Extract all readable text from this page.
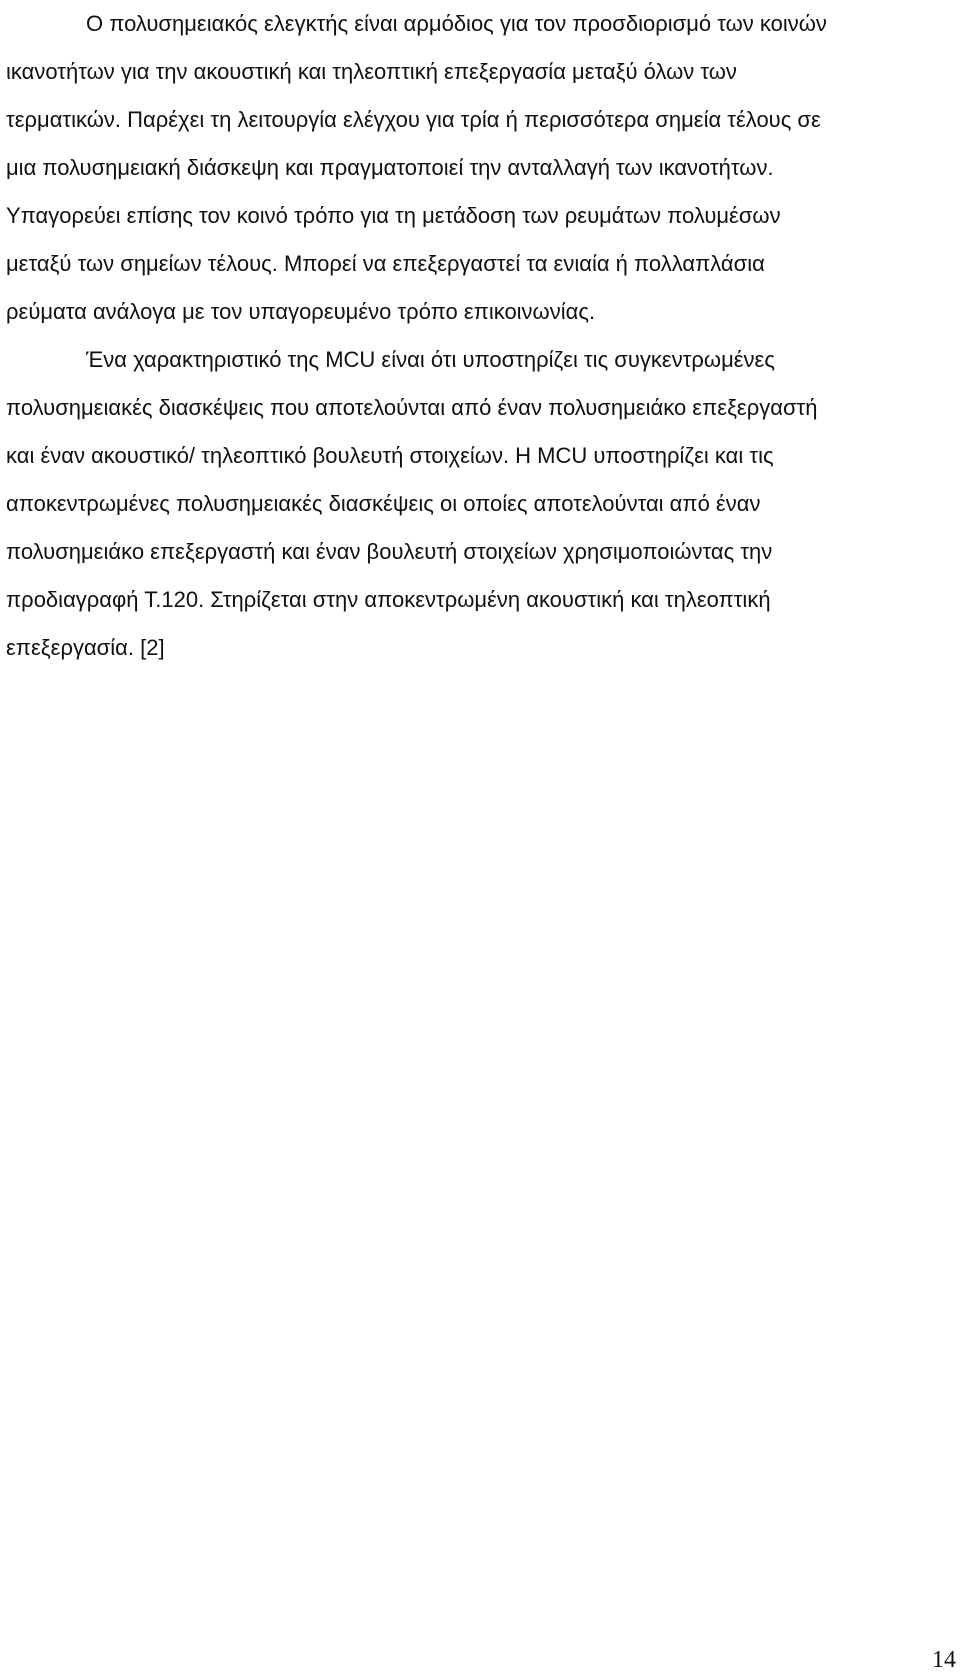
Ο πολυσημειακός ελεγκτής είναι αρμόδιος για τον προσδιορισμό των κοινών
ικανοτήτων για την ακουστική και τηλεοπτική επεξεργασία μεταξύ όλων των
τερματικών. Παρέχει τη λειτουργία ελέγχου για τρία ή περισσότερα σημεία τέλους σε
μια πολυσημειακή διάσκεψη και πραγματοποιεί την ανταλλαγή των ικανοτήτων.
Υπαγορεύει επίσης τον κοινό τρόπο για τη μετάδοση των ρευμάτων πολυμέσων
μεταξύ των σημείων τέλους. Μπορεί να επεξεργαστεί τα ενιαία ή πολλαπλάσια
ρεύματα ανάλογα με τον υπαγορευμένο τρόπο επικοινωνίας.

Ένα χαρακτηριστικό της MCU είναι ότι υποστηρίζει τις συγκεντρωμένες
πολυσημειακές διασκέψεις που αποτελούνται από έναν πολυσημειάκο επεξεργαστή
και έναν ακουστικό/ τηλεοπτικό βουλευτή στοιχείων. Η MCU υποστηρίζει και τις
αποκεντρωμένες πολυσημειακές διασκέψεις οι οποίες αποτελούνται από έναν
πολυσημειάκο επεξεργαστή και έναν βουλευτή στοιχείων χρησιμοποιώντας την
προδιαγραφή Τ.120. Στηρίζεται στην αποκεντρωμένη ακουστική και τηλεοπτική
επεξεργασία. [2]

14
